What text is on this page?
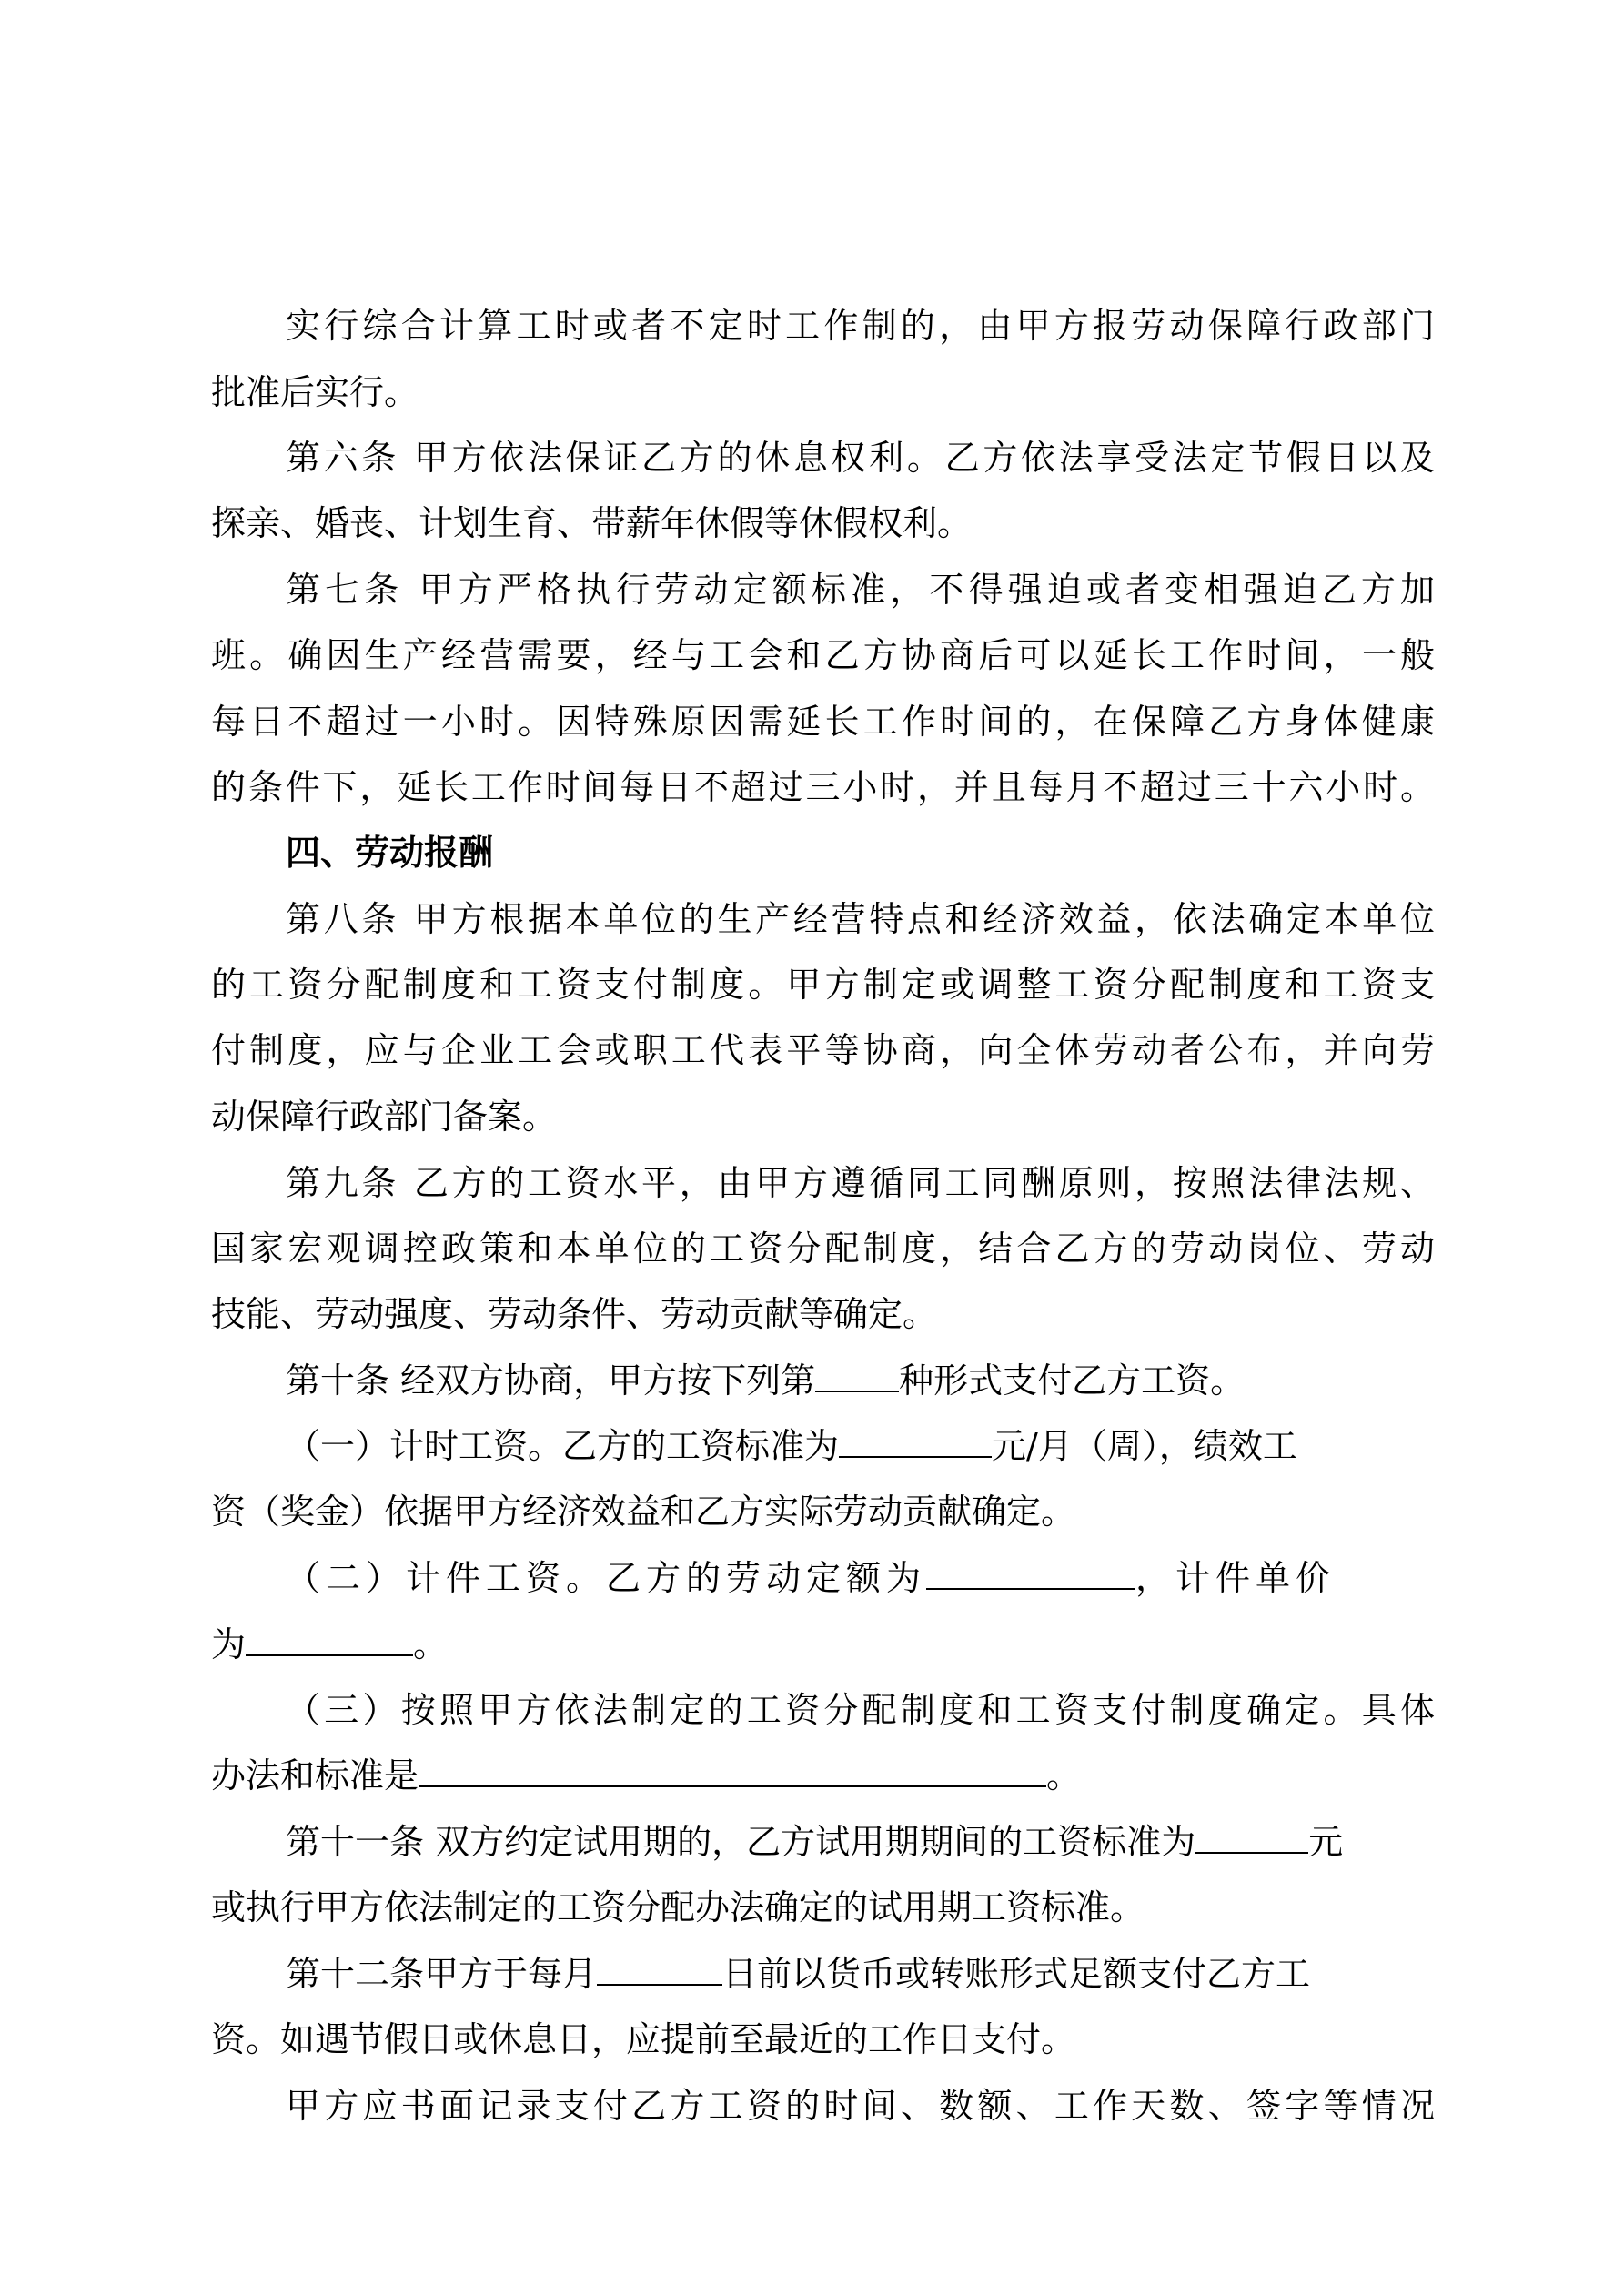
实行综合计算工时或者不定时工作制的，由甲方报劳动保障行政部门
批准后实行。
第六条 甲方依法保证乙方的休息权利。乙方依法享受法定节假日以及
探亲、婚丧、计划生育、带薪年休假等休假权利。
第七条 甲方严格执行劳动定额标准，不得强迫或者变相强迫乙方加
班。确因生产经营需要，经与工会和乙方协商后可以延长工作时间，一般
每日不超过一小时。因特殊原因需延长工作时间的，在保障乙方身体健康
的条件下，延长工作时间每日不超过三小时，并且每月不超过三十六小时。
四、劳动报酬
第八条 甲方根据本单位的生产经营特点和经济效益，依法确定本单位
的工资分配制度和工资支付制度。甲方制定或调整工资分配制度和工资支
付制度，应与企业工会或职工代表平等协商，向全体劳动者公布，并向劳
动保障行政部门备案。
第九条 乙方的工资水平，由甲方遵循同工同酬原则，按照法律法规、
国家宏观调控政策和本单位的工资分配制度，结合乙方的劳动岗位、劳动
技能、劳动强度、劳动条件、劳动贡献等确定。
第十条 经双方协商，甲方按下列第 种形式支付乙方工资。
（一）计时工资。乙方的工资标准为	元/月（周），绩效工
资（奖金）依据甲方经济效益和乙方实际劳动贡献确定。
（二）计件工资。乙方的劳动定额为	，计件单价
为	。
（三）按照甲方依法制定的工资分配制度和工资支付制度确定。具体
办法和标准是	。
第十一条 双方约定试用期的，乙方试用期期间的工资标准为	元
或执行甲方依法制定的工资分配办法确定的试用期工资标准。
第十二条甲方于每月	日前以货币或转账形式足额支付乙方工
资。如遇节假日或休息日，应提前至最近的工作日支付。
甲方应书面记录支付乙方工资的时间、数额、工作天数、签字等情况
